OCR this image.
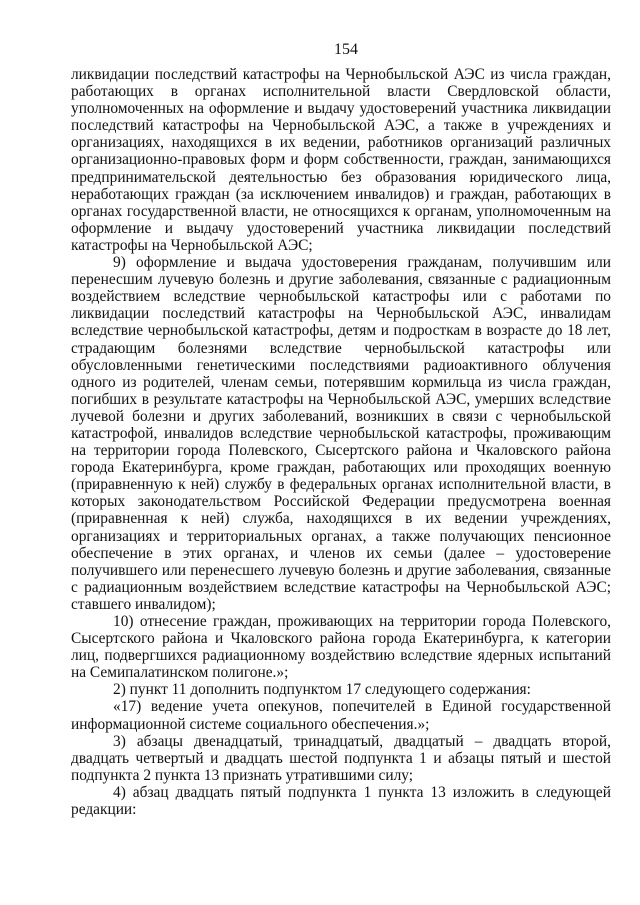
154

ликвидации последствий катастрофы на Чернобыльской АЭС из числа граждан, работающих в органах исполнительной власти Свердловской области, уполномоченных на оформление и выдачу удостоверений участника ликвидации последствий катастрофы на Чернобыльской АЭС, а также в учреждениях и организациях, находящихся в их ведении, работников организаций различных организационно-правовых форм и форм собственности, граждан, занимающихся предпринимательской деятельностью без образования юридического лица, неработающих граждан (за исключением инвалидов) и граждан, работающих в органах государственной власти, не относящихся к органам, уполномоченным на оформление и выдачу удостоверений участника ликвидации последствий катастрофы на Чернобыльской АЭС;

9) оформление и выдача удостоверения гражданам, получившим или перенесшим лучевую болезнь и другие заболевания, связанные с радиационным воздействием вследствие чернобыльской катастрофы или с работами по ликвидации последствий катастрофы на Чернобыльской АЭС, инвалидам вследствие чернобыльской катастрофы, детям и подросткам в возрасте до 18 лет, страдающим болезнями вследствие чернобыльской катастрофы или обусловленными генетическими последствиями радиоактивного облучения одного из родителей, членам семьи, потерявшим кормильца из числа граждан, погибших в результате катастрофы на Чернобыльской АЭС, умерших вследствие лучевой болезни и других заболеваний, возникших в связи с чернобыльской катастрофой, инвалидов вследствие чернобыльской катастрофы, проживающим на территории города Полевского, Сысертского района и Чкаловского района города Екатеринбурга, кроме граждан, работающих или проходящих военную (приравненную к ней) службу в федеральных органах исполнительной власти, в которых законодательством Российской Федерации предусмотрена военная (приравненная к ней) служба, находящихся в их ведении учреждениях, организациях и территориальных органах, а также получающих пенсионное обеспечение в этих органах, и членов их семьи (далее – удостоверение получившего или перенесшего лучевую болезнь и другие заболевания, связанные с радиационным воздействием вследствие катастрофы на Чернобыльской АЭС; ставшего инвалидом);

10) отнесение граждан, проживающих на территории города Полевского, Сысертского района и Чкаловского района города Екатеринбурга, к категории лиц, подвергшихся радиационному воздействию вследствие ядерных испытаний на Семипалатинском полигоне.»;

2) пункт 11 дополнить подпунктом 17 следующего содержания:

«17) ведение учета опекунов, попечителей в Единой государственной информационной системе социального обеспечения.»;

3) абзацы двенадцатый, тринадцатый, двадцатый – двадцать второй, двадцать четвертый и двадцать шестой подпункта 1 и абзацы пятый и шестой подпункта 2 пункта 13 признать утратившими силу;

4) абзац двадцать пятый подпункта 1 пункта 13 изложить в следующей редакции:
